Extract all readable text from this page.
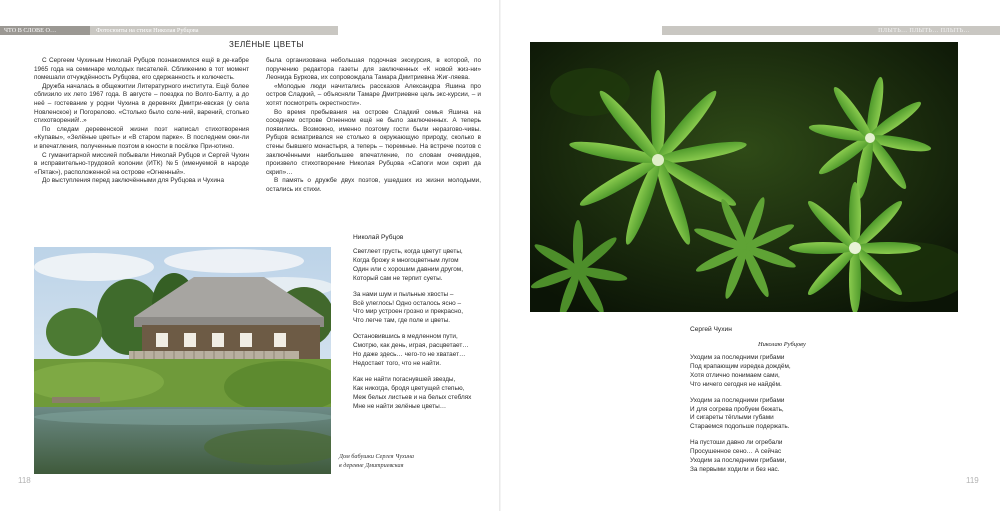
ЧТО В СЛОВЕ О…	Фотосюиты на стихи Николая Рубцова	ПЛЫТЬ… ПЛЫТЬ… ПЛЫТЬ…
ЗЕЛЁНЫЕ ЦВЕТЫ

С Сергеем Чухиным Николай Рубцов познакомился ещё в де-кабре 1965 года на семинаре молодых писателей. Сближению в тот момент помешали отчуждённость Рубцова, его сдержанность и колючесть.

Дружба началась в общежитии Литературного института. Ещё более сблизило их лето 1967 года. В августе – поездка по Волго-Балту, а до неё – гостевание у родни Чухина в деревнях Дмитри-евская (у села Новленское) и Погорелово. «Столько было соле-ний, варений, столько стихотворений!..»

По следам деревенской жизни поэт написал стихотворения «Купавы», «Зелёные цветы» и «В старом парке». В последнем ожи-ли и впечатления, полученные поэтом в юности в посёлке При-ютино.

С гуманитарной миссией побывали Николай Рубцов и Сергей Чухин в исправительно-трудовой колонии (ИТК) №5 (именуемой в народе «Пятак»), расположенной на острове «Огненный».

До выступления перед заключёнными для Рубцова и Чухина

была организована небольшая подочная экскурсия, в которой, по поручению редактора газеты для заключенных «К новой жиз-ни» Леонида Буркова, их сопровождала Тамара Дмитриевна Жиг-ляева.

«Молодые люди начитались рассказов Александра Яшина про остров Сладкий, – объясняли Тамаре Дмитриевне цель экс-курсии, – и хотят посмотреть окрестности».

Во время пребывания на острове Сладкий семья Яшина на соседнем острове Огненном ещё не было заключенных. А теперь появились. Возможно, именно поэтому гости были неразгово-чивы. Рубцов всматривался не столько в окружающую природу, сколько в стены бывшего монастыря, а теперь – тюремные. На встрече поэтов с заключёнными наибольшее впечатление, по словам очевидцев, произвело стихотворение Николая Рубцова «Сапоги мои скрип да скрип»…

В память о дружбе двух поэтов, ушедших из жизни молодыми, остались их стихи.

Николай Рубцов
Светлеет грусть, когда цветут цветы,
Когда брожу я многоцветным лугом
Один или с хорошим давним другом,
Который сам не терпит суеты.
За нами шум и пыльные хвосты –
Всё улеглось! Одно осталось ясно –
Что мир устроен грозно и прекрасно,
Что легче там, где поле и цветы.
Остановившись в медленном пути,
Смотрю, как день, играя, расцветает…
Но даже здесь… чего-то не хватает…
Недостает того, что не найти.
Как не найти погаснувшей звезды,
Как никогда, бродя цветущей степью,
Меж белых листьев и на белых стеблях
Мне не найти зелёные цветы…
Дом бабушки Сергея Чухина
в деревне Дмитриевская
Сергей Чухин
Николаю Рубцову
Уходим за последними грибами
Под крапающим изредка дождём,
Хотя отлично понимаем сами,
Что ничего сегодня не найдём.
Уходим за последними грибами
И для согрева пробуем бежать,
И сигареты тёплыми губами
Стараемся подольше подержать.
На пустоши давно ли огребали
Просушенное сено… А сейчас
Уходим за последними грибами,
За первыми ходили и без нас.
118	119
